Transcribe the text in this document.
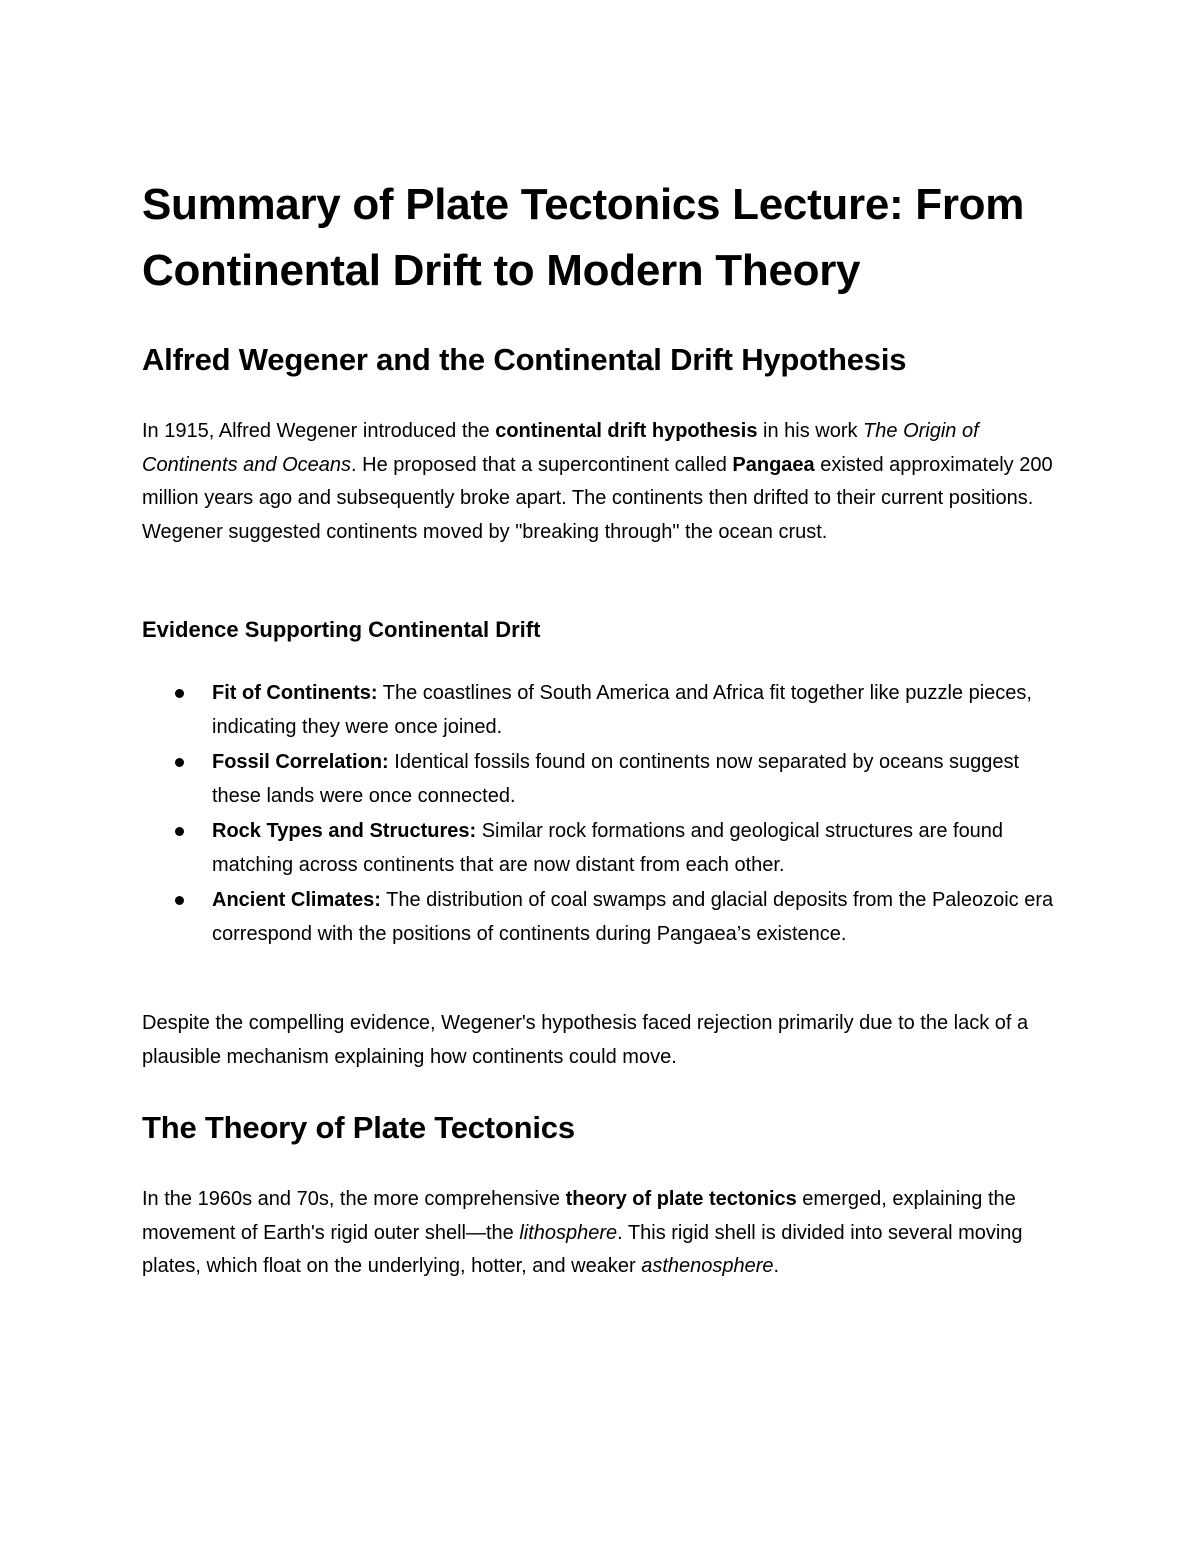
Summary of Plate Tectonics Lecture: From Continental Drift to Modern Theory
Alfred Wegener and the Continental Drift Hypothesis

In 1915, Alfred Wegener introduced the continental drift hypothesis in his work The Origin of Continents and Oceans. He proposed that a supercontinent called Pangaea existed approximately 200 million years ago and subsequently broke apart. The continents then drifted to their current positions. Wegener suggested continents moved by "breaking through" the ocean crust.

Evidence Supporting Continental Drift
Fit of Continents: The coastlines of South America and Africa fit together like puzzle pieces, indicating they were once joined.
Fossil Correlation: Identical fossils found on continents now separated by oceans suggest these lands were once connected.
Rock Types and Structures: Similar rock formations and geological structures are found matching across continents that are now distant from each other.
Ancient Climates: The distribution of coal swamps and glacial deposits from the Paleozoic era correspond with the positions of continents during Pangaea’s existence.

Despite the compelling evidence, Wegener's hypothesis faced rejection primarily due to the lack of a plausible mechanism explaining how continents could move.

The Theory of Plate Tectonics

In the 1960s and 70s, the more comprehensive theory of plate tectonics emerged, explaining the movement of Earth's rigid outer shell—the lithosphere. This rigid shell is divided into several moving plates, which float on the underlying, hotter, and weaker asthenosphere.
